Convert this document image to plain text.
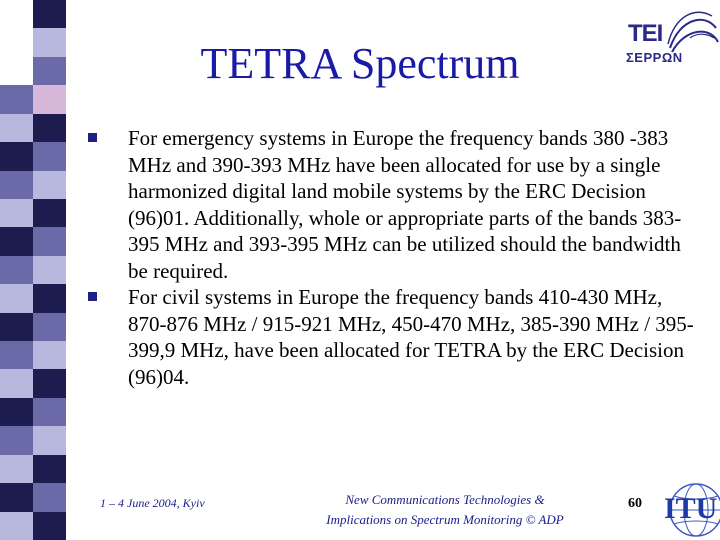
TETRA Spectrum
TEI
ΣΕΡΡΩΝ
For emergency systems in Europe the frequency bands 380 -383 MHz and 390-393 MHz have been allocated for use by a single harmonized digital land mobile systems by the ERC Decision (96)01. Additionally, whole or appropriate parts of the bands 383-395 MHz and 393-395 MHz can be utilized should the bandwidth be required.
For civil systems in Europe the frequency bands 410-430 MHz, 870-876 MHz / 915-921 MHz, 450-470 MHz, 385-390 MHz / 395-399,9 MHz, have been allocated for TETRA by the ERC Decision (96)04.
1 – 4 June 2004, Kyiv	New Communications Technologies &
Implications on Spectrum Monitoring © ADP
60 ITU
